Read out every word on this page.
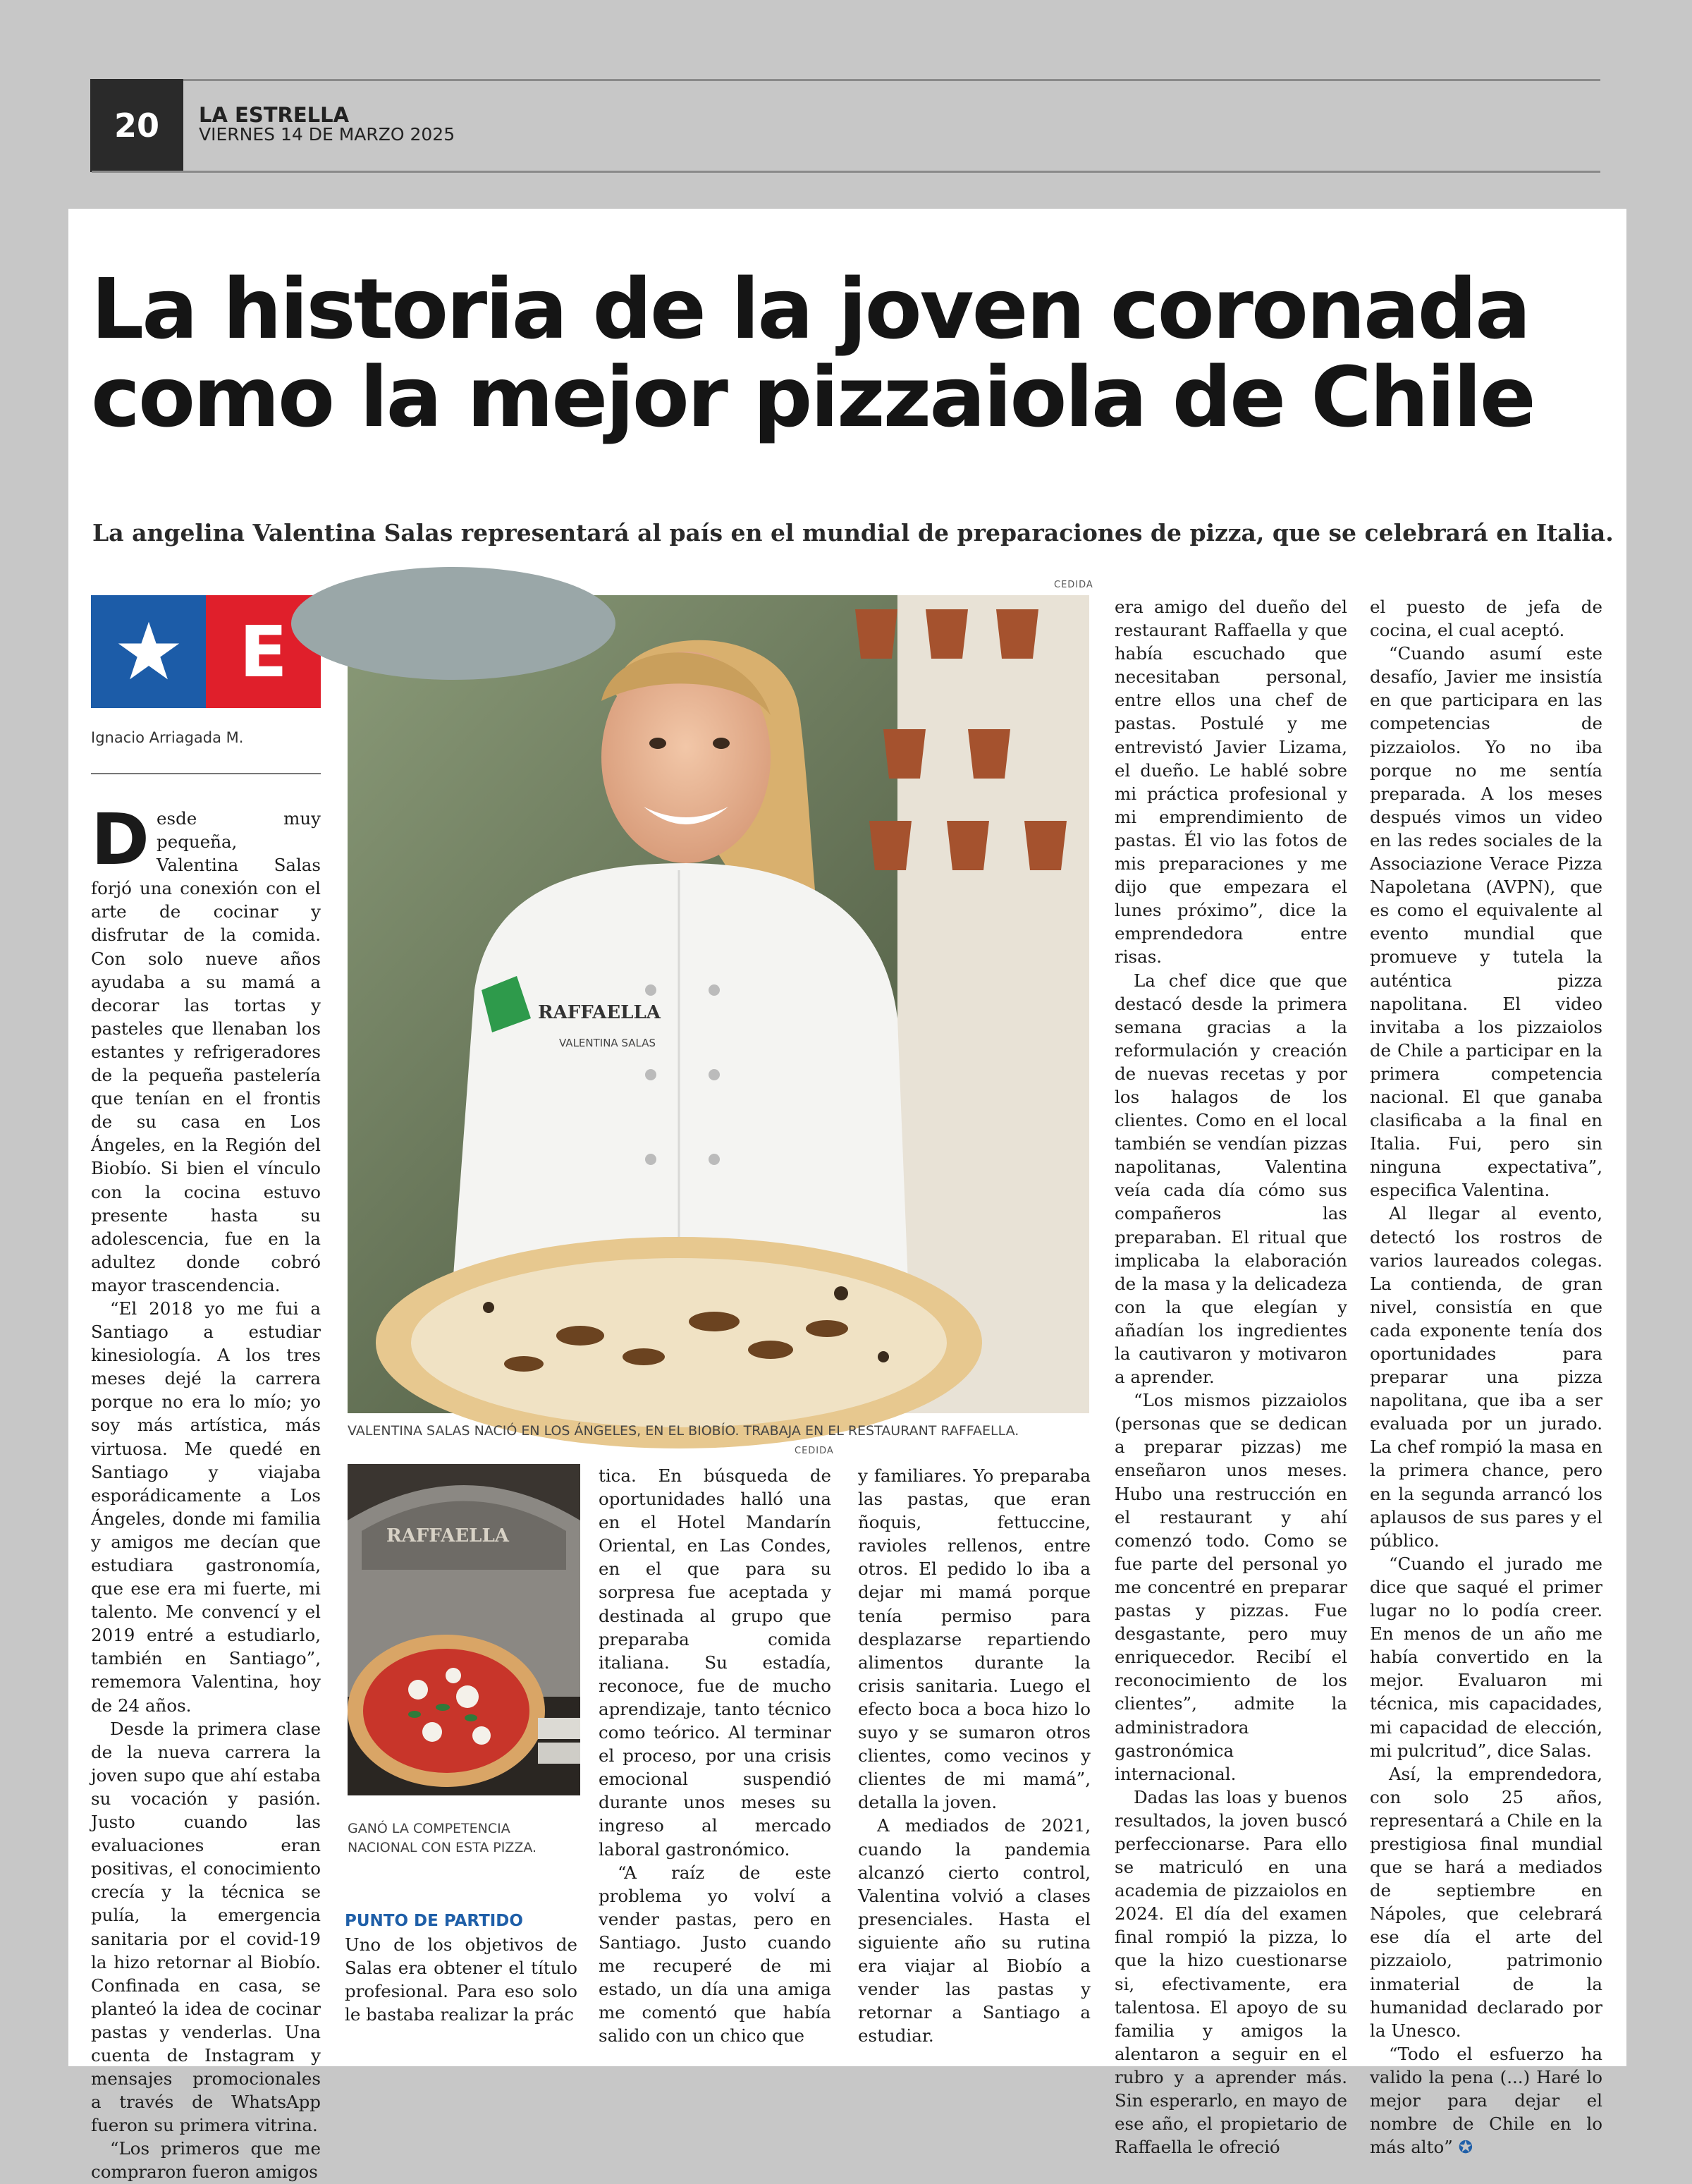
20	LA ESTRELLA
VIERNES 14 DE MARZO 2025
La historia de la joven coronada
como la mejor pizzaiola de Chile
La angelina Valentina Salas representará al país en el mundial de preparaciones de pizza, que se celebrará en Italia.
E
Ignacio Arriagada M.

Desde muy pequeña, Valentina Salas forjó una conexión con el arte de cocinar y disfrutar de la comida. Con solo nueve años ayudaba a su mamá a decorar las tortas y pasteles que llenaban los estantes y refrigeradores de la pequeña pastelería que tenían en el frontis de su casa en Los Ángeles, en la Región del Biobío. Si bien el vínculo con la cocina estuvo presente hasta su adolescencia, fue en la adultez donde cobró mayor trascendencia.

“El 2018 yo me fui a Santiago a estudiar kinesiología. A los tres meses dejé la carrera porque no era lo mío; yo soy más artística, más virtuosa. Me quedé en Santiago y viajaba esporádicamente a Los Ángeles, donde mi familia y amigos me decían que estudiara gastronomía, que ese era mi fuerte, mi talento. Me convencí y el 2019 entré a estudiarlo, también en Santiago”, rememora Valentina, hoy de 24 años.

Desde la primera clase de la nueva carrera la joven supo que ahí estaba su vocación y pasión. Justo cuando las evaluaciones eran positivas, el conocimiento crecía y la técnica se pulía, la emergencia sanitaria por el covid-19 la hizo retornar al Biobío. Confinada en casa, se planteó la idea de cocinar pastas y venderlas. Una cuenta de Instagram y mensajes promocionales a través de WhatsApp fueron su primera vitrina.

“Los primeros que me compraron fueron amigos

CEDIDA
RAFFAELLA
VALENTINA SALAS
VALENTINA SALAS NACIÓ EN LOS ÁNGELES, EN EL BIOBÍO. TRABAJA EN EL RESTAURANT RAFFAELLA.
CEDIDA
RAFFAELLA
GANÓ LA COMPETENCIA NACIONAL CON ESTA PIZZA.

PUNTO DE PARTIDO

Uno de los objetivos de Salas era obtener el título profesional. Para eso solo le bastaba realizar la prác

tica. En búsqueda de oportunidades halló una en el Hotel Mandarín Oriental, en Las Condes, en el que para su sorpresa fue aceptada y destinada al grupo que preparaba comida italiana. Su estadía, reconoce, fue de mucho aprendizaje, tanto técnico como teórico. Al terminar el proceso, por una crisis emocional suspendió durante unos meses su ingreso al mercado laboral gastronómico.

“A raíz de este problema yo volví a vender pastas, pero en Santiago. Justo cuando me recuperé de mi estado, un día una amiga me comentó que había salido con un chico que

y familiares. Yo preparaba las pastas, que eran ñoquis, fettuccine, ravioles rellenos, entre otros. El pedido lo iba a dejar mi mamá porque tenía permiso para desplazarse repartiendo alimentos durante la crisis sanitaria. Luego el efecto boca a boca hizo lo suyo y se sumaron otros clientes, como vecinos y clientes de mi mamá”, detalla la joven.

A mediados de 2021, cuando la pandemia alcanzó cierto control, Valentina volvió a clases presenciales. Hasta el siguiente año su rutina era viajar al Biobío a vender las pastas y retornar a Santiago a estudiar.

era amigo del dueño del restaurant Raffaella y que había escuchado que necesitaban personal, entre ellos una chef de pastas. Postulé y me entrevistó Javier Lizama, el dueño. Le hablé sobre mi práctica profesional y mi emprendimiento de pastas. Él vio las fotos de mis preparaciones y me dijo que empezara el lunes próximo”, dice la emprendedora entre risas.

La chef dice que que destacó desde la primera semana gracias a la reformulación y creación de nuevas recetas y por los halagos de los clientes. Como en el local también se vendían pizzas napolitanas, Valentina veía cada día cómo sus compañeros las preparaban. El ritual que implicaba la elaboración de la masa y la delicadeza con la que elegían y añadían los ingredientes la cautivaron y motivaron a aprender.

“Los mismos pizzaiolos (personas que se dedican a preparar pizzas) me enseñaron unos meses. Hubo una restrucción en el restaurant y ahí comenzó todo. Como se fue parte del personal yo me concentré en preparar pastas y pizzas. Fue desgastante, pero muy enriquecedor. Recibí el reconocimiento de los clientes”, admite la administradora gastronómica internacional.

Dadas las loas y buenos resultados, la joven buscó perfeccionarse. Para ello se matriculó en una academia de pizzaiolos en 2024. El día del examen final rompió la pizza, lo que la hizo cuestionarse si, efectivamente, era talentosa. El apoyo de su familia y amigos la alentaron a seguir en el rubro y a aprender más. Sin esperarlo, en mayo de ese año, el propietario de Raffaella le ofreció

el puesto de jefa de cocina, el cual aceptó.

“Cuando asumí este desafío, Javier me insistía en que participara en las competencias de pizzaiolos. Yo no iba porque no me sentía preparada. A los meses después vimos un video en las redes sociales de la Associazione Verace Pizza Napoletana (AVPN), que es como el equivalente al evento mundial que promueve y tutela la auténtica pizza napolitana. El video invitaba a los pizzaiolos de Chile a participar en la primera competencia nacional. El que ganaba clasificaba a la final en Italia. Fui, pero sin ninguna expectativa”, especifica Valentina.

Al llegar al evento, detectó los rostros de varios laureados colegas. La contienda, de gran nivel, consistía en que cada exponente tenía dos oportunidades para preparar una pizza napolitana, que iba a ser evaluada por un jurado. La chef rompió la masa en la primera chance, pero en la segunda arrancó los aplausos de sus pares y el público.

“Cuando el jurado me dice que saqué el primer lugar no lo podía creer. En menos de un año me había convertido en la mejor. Evaluaron mi técnica, mis capacidades, mi capacidad de elección, mi pulcritud”, dice Salas.

Así, la emprendedora, con solo 25 años, representará a Chile en la prestigiosa final mundial que se hará a mediados de septiembre en Nápoles, que celebrará ese día el arte del pizzaiolo, patrimonio inmaterial de la humanidad declarado por la Unesco.

“Todo el esfuerzo ha valido la pena (...) Haré lo mejor para dejar el nombre de Chile en lo más alto” ✪
